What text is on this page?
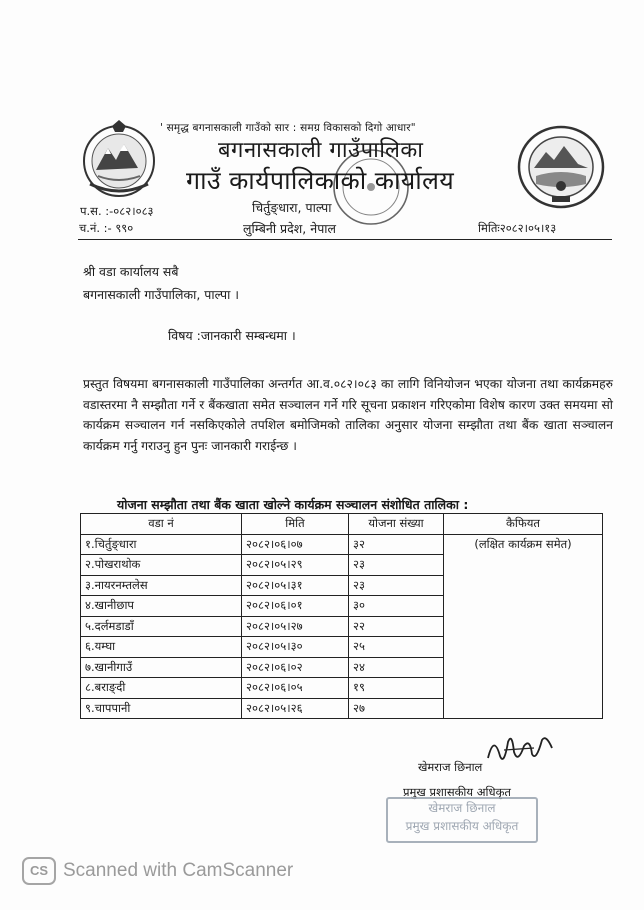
' समृद्ध बगनासकाली गाउँको सार : समग्र विकासको दिगो आधार"
बगनासकाली गाउँपालिका
गाउँ कार्यपालिकाको कार्यालय
चिर्तुङ्धारा, पाल्पा
लुम्बिनी प्रदेश, नेपाल
प.स. :-०८२।०८३
च.नं. :- ९९०	मितिः२०८२।०५।१३
श्री वडा कार्यालय सबै
बगनासकाली गाउँपालिका, पाल्पा ।
विषय :जानकारी सम्बन्धमा ।

प्रस्तुत विषयमा बगनासकाली गाउँपालिका अन्तर्गत आ.व.०८२।०८३ का लागि विनियोजन भएका योजना तथा कार्यक्रमहरु वडास्तरमा नै सम्झौता गर्ने र बैंकखाता समेत सञ्चालन गर्ने गरि सूचना प्रकाशन गरिएकोमा विशेष कारण उक्त समयमा सो कार्यक्रम सञ्चालन गर्न नसकिएकोले तपशिल बमोजिमको तालिका अनुसार योजना सम्झौता तथा बैंक खाता सञ्चालन कार्यक्रम गर्नु गराउनु हुन पुनः जानकारी गराईन्छ ।

योजना सम्झौता तथा बैंक खाता खोल्ने कार्यक्रम सञ्चालन संशोधित तालिका :
वडा नं	मिति	योजना संख्या	कैफियत
१.चिर्तुङ्धारा	२०८२।०६।०७	३२	(लक्षित कार्यक्रम समेत)
२.पोखराथोक	२०८२।०५।२९	२३	
३.नायरनम्तलेस	२०८२।०५।३१	२३	
४.खानीछाप	२०८२।०६।०१	३०	
५.दर्लमडाडाँ	२०८२।०५।२७	२२	
६.यम्घा	२०८२।०५।३०	२५	
७.खानीगाउँ	२०८२।०६।०२	२४	
८.बराङ्दी	२०८२।०६।०५	१९	
९.चापपानी	२०८२।०५।२६	२७	
खेमराज छिनाल
प्रमुख प्रशासकीय अधिकृत
खेमराज छिनाल
प्रमुख प्रशासकीय अधिकृत
CS Scanned with CamScanner
